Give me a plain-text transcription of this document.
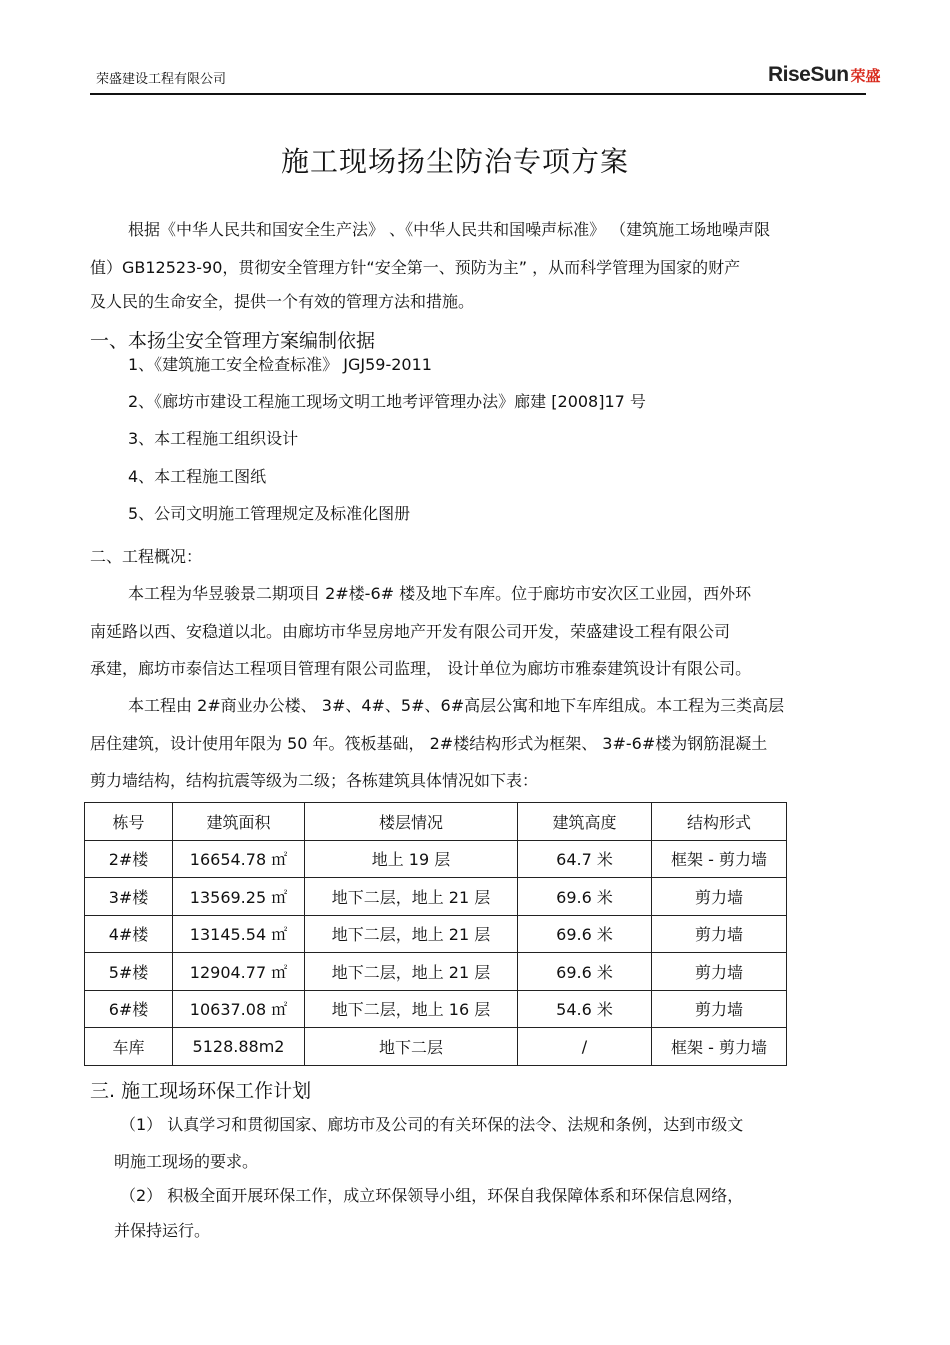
荣盛建设工程有限公司	RiseSun 荣盛
施工现场扬尘防治专项方案
根据《中华人民共和国安全生产法》 、《中华人民共和国噪声标准》 （建筑施工场地噪声限
值）GB12523-90，贯彻安全管理方针“安全第一、预防为主” ，从而科学管理为国家的财产
及人民的生命安全，提供一个有效的管理方法和措施。
一、本扬尘安全管理方案编制依据
1、《建筑施工安全检查标准》 JGJ59-2011
2、《廊坊市建设工程施工现场文明工地考评管理办法》廊建 [2008]17 号
3、本工程施工组织设计
4、本工程施工图纸
5、公司文明施工管理规定及标准化图册
二、工程概况：
本工程为华昱骏景二期项目 2#楼-6# 楼及地下车库。位于廊坊市安次区工业园，西外环
南延路以西、安稳道以北。由廊坊市华昱房地产开发有限公司开发，荣盛建设工程有限公司
承建，廊坊市泰信达工程项目管理有限公司监理， 设计单位为廊坊市雅泰建筑设计有限公司。
本工程由 2#商业办公楼、 3#、4#、5#、6#高层公寓和地下车库组成。本工程为三类高层
居住建筑，设计使用年限为 50 年。筏板基础， 2#楼结构形式为框架、 3#-6#楼为钢筋混凝土
剪力墙结构，结构抗震等级为二级；各栋建筑具体情况如下表：
栋号	建筑面积	楼层情况	建筑高度	结构形式
2#楼	16654.78 ㎡	地上 19 层	64.7 米	框架 - 剪力墙
3#楼	13569.25 ㎡	地下二层，地上 21 层	69.6 米	剪力墙
4#楼	13145.54 ㎡	地下二层，地上 21 层	69.6 米	剪力墙
5#楼	12904.77 ㎡	地下二层，地上 21 层	69.6 米	剪力墙
6#楼	10637.08 ㎡	地下二层，地上 16 层	54.6 米	剪力墙
车库	5128.88m2	地下二层	/	框架 - 剪力墙
三. 施工现场环保工作计划
（1） 认真学习和贯彻国家、廊坊市及公司的有关环保的法令、法规和条例，达到市级文
明施工现场的要求。
（2） 积极全面开展环保工作，成立环保领导小组，环保自我保障体系和环保信息网络，
并保持运行。
